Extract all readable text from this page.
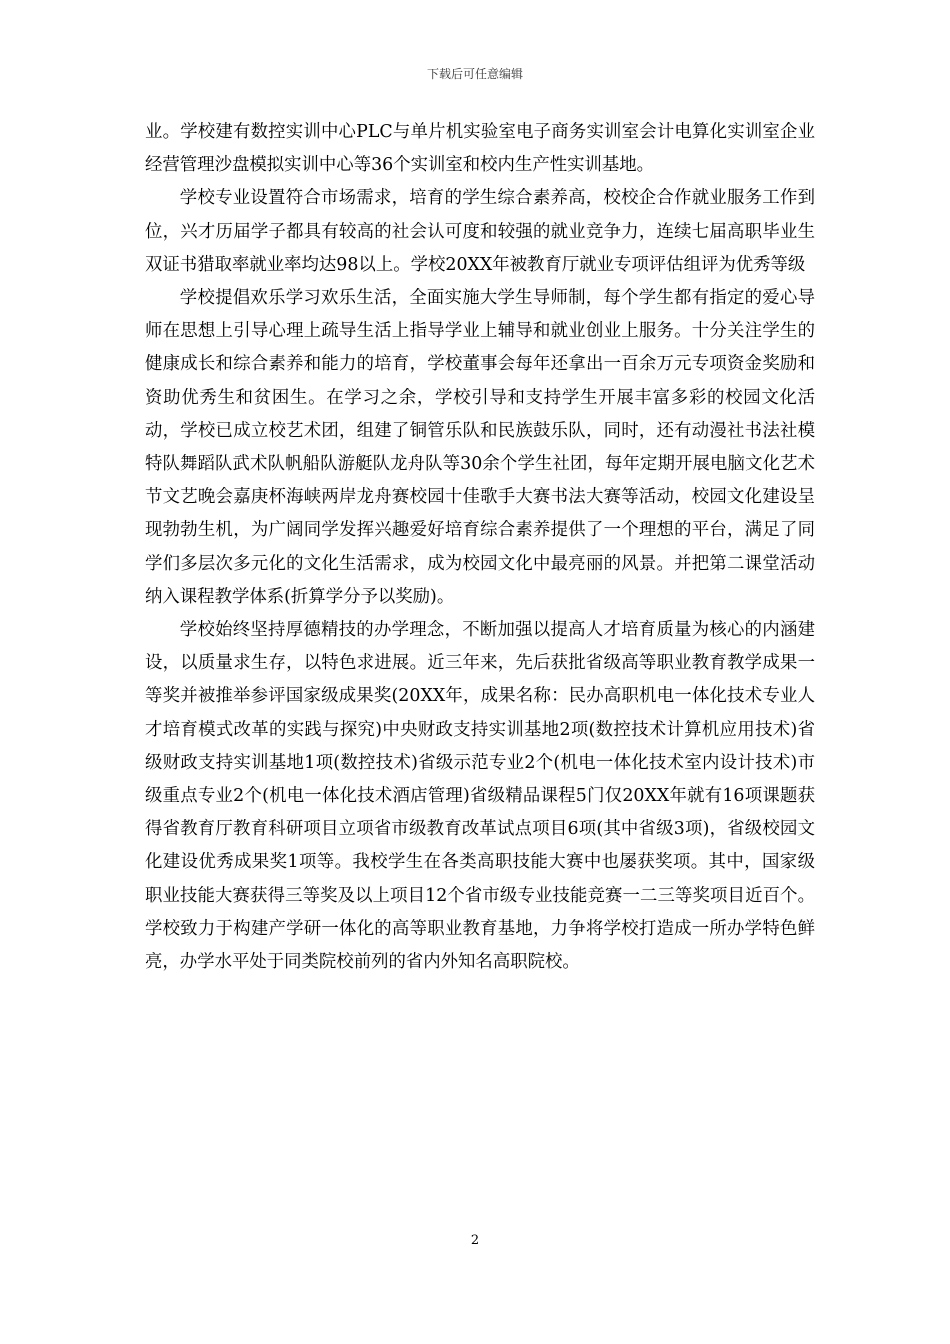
下载后可任意编辑

业。学校建有数控实训中心PLC与单片机实验室电子商务实训室会计电算化实训室企业经营管理沙盘模拟实训中心等36个实训室和校内生产性实训基地。

学校专业设置符合市场需求，培育的学生综合素养高，校校企合作就业服务工作到位，兴才历届学子都具有较高的社会认可度和较强的就业竞争力，连续七届高职毕业生双证书猎取率就业率均达98以上。学校20XX年被教育厅就业专项评估组评为优秀等级

学校提倡欢乐学习欢乐生活，全面实施大学生导师制，每个学生都有指定的爱心导师在思想上引导心理上疏导生活上指导学业上辅导和就业创业上服务。十分关注学生的健康成长和综合素养和能力的培育，学校董事会每年还拿出一百余万元专项资金奖励和资助优秀生和贫困生。在学习之余，学校引导和支持学生开展丰富多彩的校园文化活动，学校已成立校艺术团，组建了铜管乐队和民族鼓乐队，同时，还有动漫社书法社模特队舞蹈队武术队帆船队游艇队龙舟队等30余个学生社团，每年定期开展电脑文化艺术节文艺晚会嘉庚杯海峡两岸龙舟赛校园十佳歌手大赛书法大赛等活动，校园文化建设呈现勃勃生机，为广阔同学发挥兴趣爱好培育综合素养提供了一个理想的平台，满足了同学们多层次多元化的文化生活需求，成为校园文化中最亮丽的风景。并把第二课堂活动纳入课程教学体系(折算学分予以奖励)。

学校始终坚持厚德精技的办学理念，不断加强以提高人才培育质量为核心的内涵建设，以质量求生存，以特色求进展。近三年来，先后获批省级高等职业教育教学成果一等奖并被推举参评国家级成果奖(20XX年，成果名称：民办高职机电一体化技术专业人才培育模式改革的实践与探究)中央财政支持实训基地2项(数控技术计算机应用技术)省级财政支持实训基地1项(数控技术)省级示范专业2个(机电一体化技术室内设计技术)市级重点专业2个(机电一体化技术酒店管理)省级精品课程5门仅20XX年就有16项课题获得省教育厅教育科研项目立项省市级教育改革试点项目6项(其中省级3项)，省级校园文化建设优秀成果奖1项等。我校学生在各类高职技能大赛中也屡获奖项。其中，国家级职业技能大赛获得三等奖及以上项目12个省市级专业技能竞赛一二三等奖项目近百个。学校致力于构建产学研一体化的高等职业教育基地，力争将学校打造成一所办学特色鲜亮，办学水平处于同类院校前列的省内外知名高职院校。

2
